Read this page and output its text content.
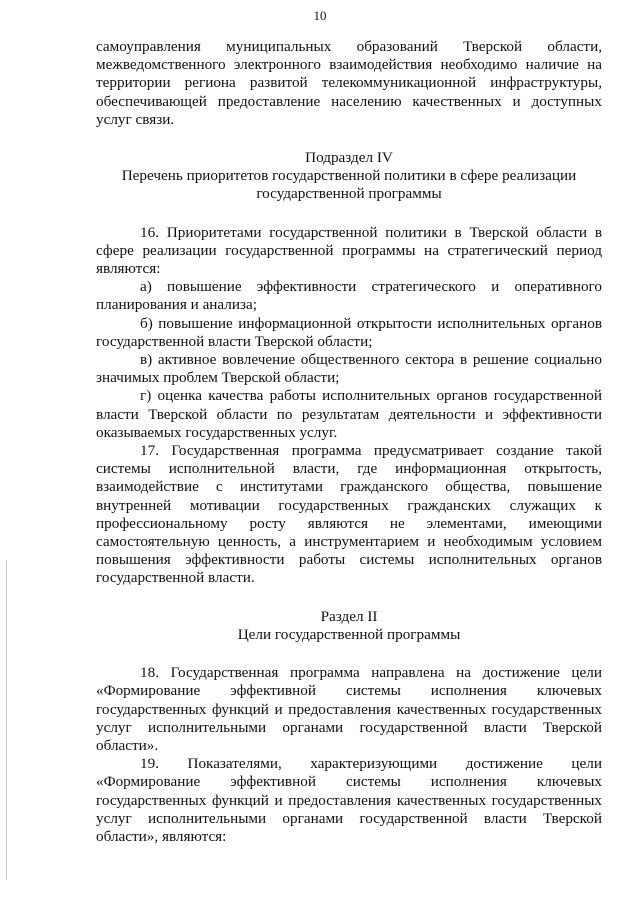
10

самоуправления муниципальных образований Тверской области, межведомственного электронного взаимодействия необходимо наличие на территории региона развитой телекоммуникационной инфраструктуры, обеспечивающей предоставление населению качественных и доступных услуг связи.

Подраздел IV

Перечень приоритетов государственной политики в сфере реализации

государственной программы

16. Приоритетами государственной политики в Тверской области в сфере реализации государственной программы на стратегический период являются:

а) повышение эффективности стратегического и оперативного планирования и анализа;

б) повышение информационной открытости исполнительных органов государственной власти Тверской области;

в) активное вовлечение общественного сектора в решение социально значимых проблем Тверской области;

г) оценка качества работы исполнительных органов государственной власти Тверской области по результатам деятельности и эффективности оказываемых государственных услуг.

17. Государственная программа предусматривает создание такой системы исполнительной власти, где информационная открытость, взаимодействие с институтами гражданского общества, повышение внутренней мотивации государственных гражданских служащих к профессиональному росту являются не элементами, имеющими самостоятельную ценность, а инструментарием и необходимым условием повышения эффективности работы системы исполнительных органов государственной власти.

Раздел II

Цели государственной программы

18. Государственная программа направлена на достижение цели «Формирование эффективной системы исполнения ключевых государственных функций и предоставления качественных государственных услуг исполнительными органами государственной власти Тверской области».

19. Показателями, характеризующими достижение цели «Формирование эффективной системы исполнения ключевых государственных функций и предоставления качественных государственных услуг исполнительными органами государственной власти Тверской области», являются:
